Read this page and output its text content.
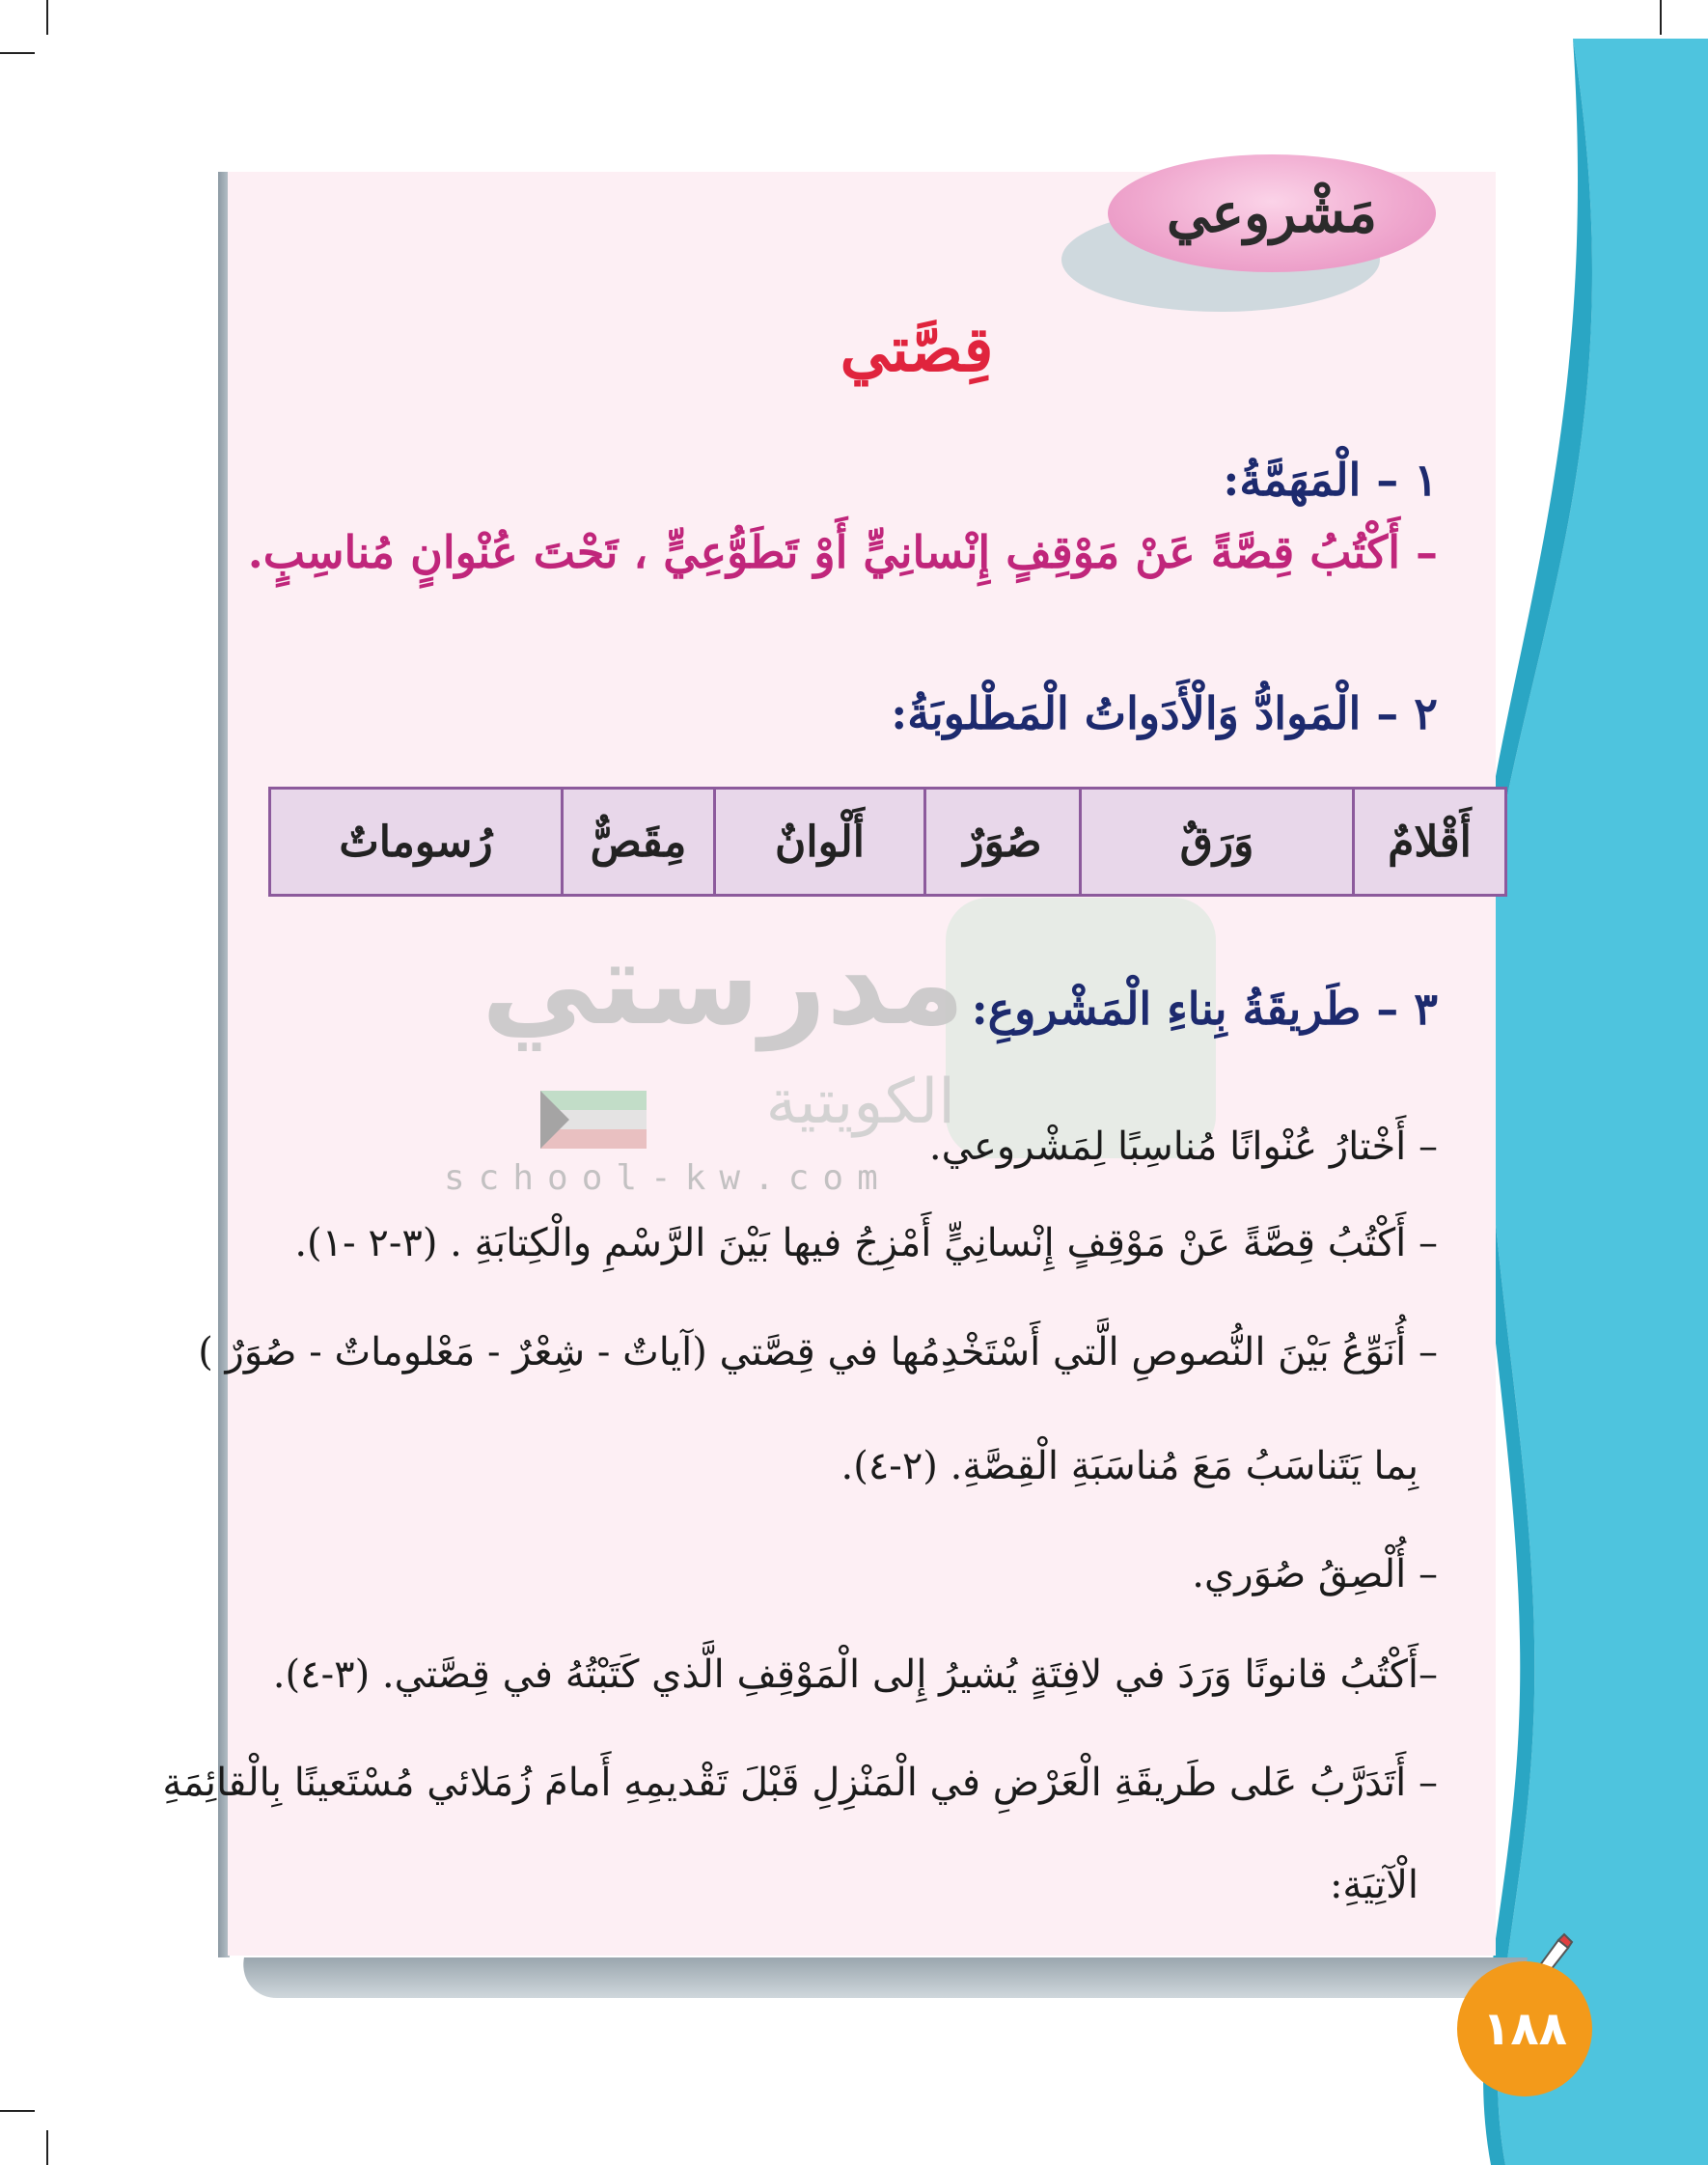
مَشْروعي
قِصَّتي
مدرستي
الكويتية
school-kw.com
١ – الْمَهَمَّةُ:
– أَكْتُبُ قِصَّةً عَنْ مَوْقِفٍ إِنْسانِيٍّ أَوْ تَطَوُّعِيٍّ ، تَحْتَ عُنْوانٍ مُناسِبٍ.
٢ – الْمَوادُّ وَالْأَدَواتُ الْمَطْلوبَةُ:
أَقْلامٌ
وَرَقٌ
صُوَرٌ
أَلْوانٌ
مِقَصٌّ
رُسوماتٌ
٣ – طَريقَةُ بِناءِ الْمَشْروعِ:
– أَخْتارُ عُنْوانًا مُناسِبًا لِمَشْروعي.
– أَكْتُبُ قِصَّةً عَنْ مَوْقِفٍ إِنْسانِيٍّ أَمْزِجُ فيها بَيْنَ الرَّسْمِ والْكِتابَةِ . (٣-٢ -١).
– أُنَوِّعُ بَيْنَ النُّصوصِ الَّتي أَسْتَخْدِمُها في قِصَّتي (آياتٌ - شِعْرٌ - مَعْلوماتٌ - صُوَرٌ )
بِما يَتَناسَبُ مَعَ مُناسَبَةِ الْقِصَّةِ. (٢-٤).
– أُلْصِقُ صُوَري.
–أَكْتُبُ قانونًا وَرَدَ في لافِتَةٍ يُشيرُ إِلى الْمَوْقِفِ الَّذي كَتَبْتُهُ في قِصَّتي. (٣-٤).
– أَتَدَرَّبُ عَلى طَريقَةِ الْعَرْضِ في الْمَنْزِلِ قَبْلَ تَقْديمِهِ أَمامَ زُمَلائي مُسْتَعينًا بِالْقائِمَةِ
الْآتِيَةِ:
١٨٨
